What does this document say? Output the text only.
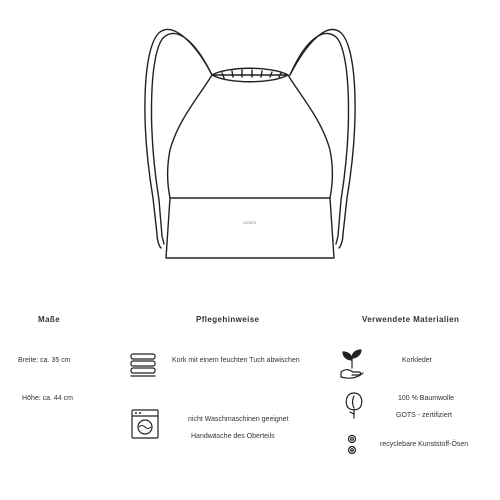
UEBIS
Maße	Pflegehinweise	Verwendete Materialien
Breite: ca. 35 cm
Höhe: ca. 44 cm
Kork mit einem feuchten Tuch abwischen
nicht Waschmaschinen geeignet
Handwäsche des Oberteils
Korkleder
100 % Baumwolle
GOTS - zertifiziert
recyclebare Kunststoff-Ösen
